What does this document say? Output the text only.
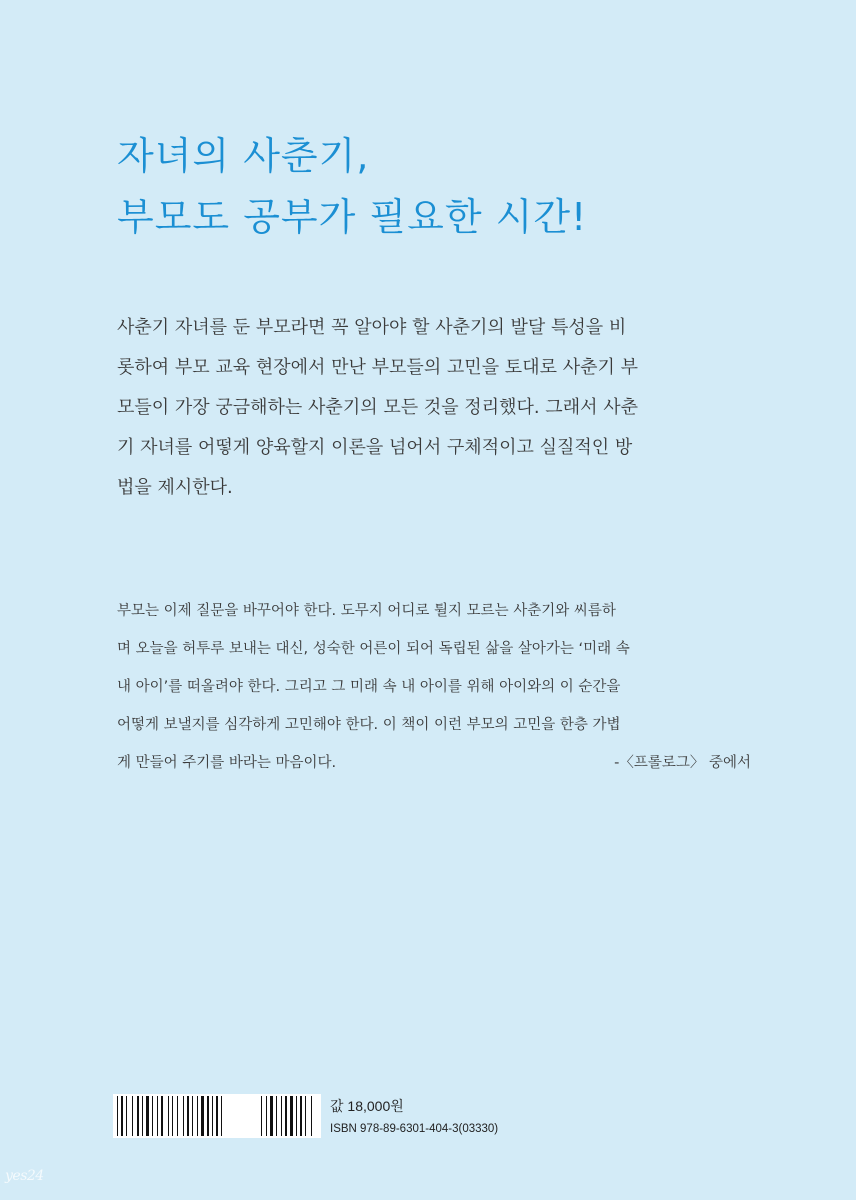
자녀의 사춘기,
부모도 공부가 필요한 시간!
사춘기 자녀를 둔 부모라면 꼭 알아야 할 사춘기의 발달 특성을 비
롯하여 부모 교육 현장에서 만난 부모들의 고민을 토대로 사춘기 부
모들이 가장 궁금해하는 사춘기의 모든 것을 정리했다. 그래서 사춘
기 자녀를 어떻게 양육할지 이론을 넘어서 구체적이고 실질적인 방
법을 제시한다.
부모는 이제 질문을 바꾸어야 한다. 도무지 어디로 튈지 모르는 사춘기와 씨름하
며 오늘을 허투루 보내는 대신, 성숙한 어른이 되어 독립된 삶을 살아가는 ‘미래 속
내 아이’를 떠올려야 한다. 그리고 그 미래 속 내 아이를 위해 아이와의 이 순간을
어떻게 보낼지를 심각하게 고민해야 한다. 이 책이 이런 부모의 고민을 한층 가볍
게 만들어 주기를 바라는 마음이다.	-〈프롤로그〉 중에서
값 18,000원
ISBN 978-89-6301-404-3(03330)
yes24
